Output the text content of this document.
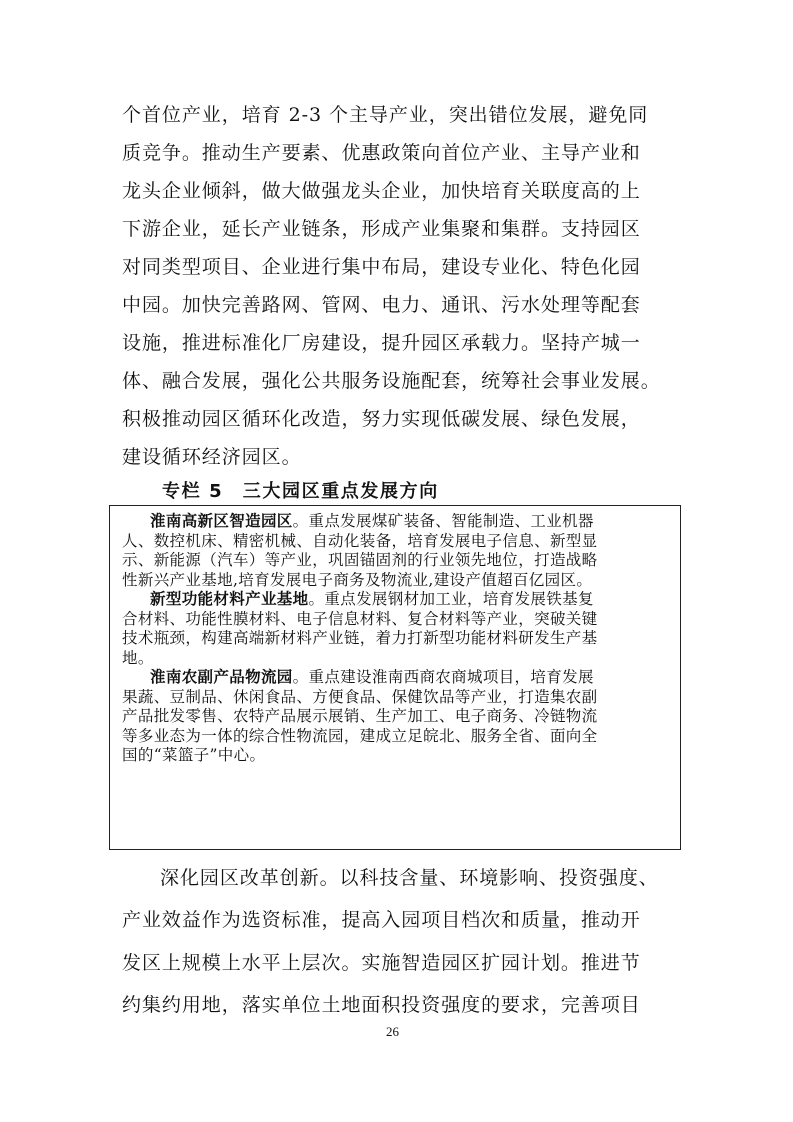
个首位产业，培育 2-3 个主导产业，突出错位发展，避免同
质竞争。推动生产要素、优惠政策向首位产业、主导产业和
龙头企业倾斜，做大做强龙头企业，加快培育关联度高的上
下游企业，延长产业链条，形成产业集聚和集群。支持园区
对同类型项目、企业进行集中布局，建设专业化、特色化园
中园。加快完善路网、管网、电力、通讯、污水处理等配套
设施，推进标准化厂房建设，提升园区承载力。坚持产城一
体、融合发展，强化公共服务设施配套，统筹社会事业发展。
积极推动园区循环化改造，努力实现低碳发展、绿色发展，
专栏 5　三大园区重点发展方向
淮南高新区智造园区。重点发展煤矿装备、智能制造、工业机器
人、数控机床、精密机械、自动化装备，培育发展电子信息、新型显
示、新能源（汽车）等产业，巩固锚固剂的行业领先地位，打造战略
性新兴产业基地,培育发展电子商务及物流业,建设产值超百亿园区。
新型功能材料产业基地。重点发展钢材加工业，培育发展铁基复
合材料、功能性膜材料、电子信息材料、复合材料等产业，突破关键
技术瓶颈，构建高端新材料产业链，着力打新型功能材料研发生产基
地。
淮南农副产品物流园。重点建设淮南西商农商城项目，培育发展
果蔬、豆制品、休闲食品、方便食品、保健饮品等产业，打造集农副
产品批发零售、农特产品展示展销、生产加工、电子商务、冷链物流
等多业态为一体的综合性物流园，建成立足皖北、服务全省、面向全
深化园区改革创新。以科技含量、环境影响、投资强度、
产业效益作为选资标准，提高入园项目档次和质量，推动开
发区上规模上水平上层次。实施智造园区扩园计划。推进节
约集约用地，落实单位土地面积投资强度的要求，完善项目
26
建设循环经济园区。
国的“菜篮子”中心。
